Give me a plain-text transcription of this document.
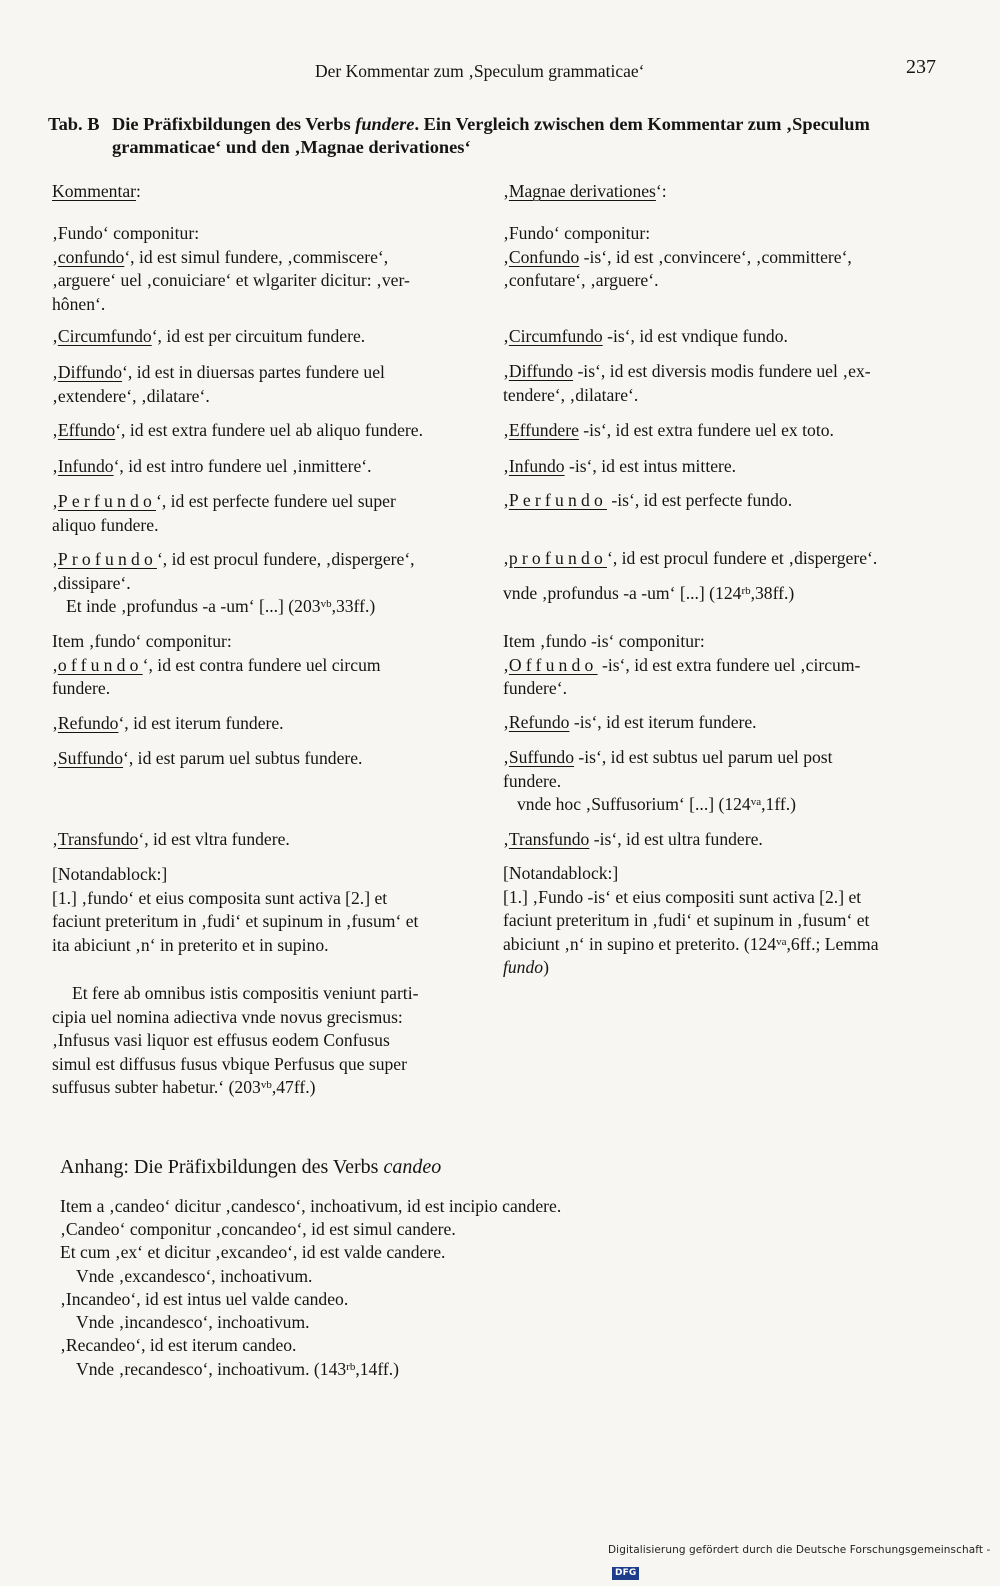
Der Kommentar zum ‚Speculum grammaticae‘	237
Tab. B Die Präfixbildungen des Verbs fundere. Ein Vergleich zwischen dem Kommentar zum ‚Speculum
grammaticae‘ und den ‚Magnae derivationes‘
Kommentar:	‚Magnae derivationes‘:
‚Fundo‘ componitur:
‚confundo‘, id est simul fundere, ‚commiscere‘,
‚arguere‘ uel ‚conuiciare‘ et wlgariter dicitur: ‚ver-
hônen‘.
‚Circumfundo‘, id est per circuitum fundere.
‚Diffundo‘, id est in diuersas partes fundere uel
‚extendere‘, ‚dilatare‘.
‚Effundo‘, id est extra fundere uel ab aliquo fundere.
‚Infundo‘, id est intro fundere uel ‚inmittere‘.
‚Perfundo‘, id est perfecte fundere uel super
aliquo fundere.
‚Profundo‘, id est procul fundere, ‚dispergere‘,
‚dissipare‘.
Et inde ‚profundus -a -um‘ [...] $(203^{vb},33ff.)$
Item ‚fundo‘ componitur:
‚offundo‘, id est contra fundere uel circum
fundere.
‚Refundo‘, id est iterum fundere.
‚Suffundo‘, id est parum uel subtus fundere.
‚Transfundo‘, id est vltra fundere.
[Notandablock:]
[1.] ‚fundo‘ et eius composita sunt activa [2.] et
faciunt preteritum in ‚fudi‘ et supinum in ‚fusum‘ et
ita abiciunt ‚n‘ in preterito et in supino.
Et fere ab omnibus istis compositis veniunt parti-
cipia uel nomina adiectiva vnde novus grecismus:
‚Infusus vasi liquor est effusus eodem Confusus
simul est diffusus fusus vbique Perfusus que super
suffusus subter habetur.‘ $(203^{vb},47ff.)$
‚Fundo‘ componitur:
‚Confundo -is‘, id est ‚convincere‘, ‚committere‘,
‚confutare‘, ‚arguere‘.
‚Circumfundo -is‘, id est vndique fundo.
‚Diffundo -is‘, id est diversis modis fundere uel ‚ex-
tendere‘, ‚dilatare‘.
‚Effundere -is‘, id est extra fundere uel ex toto.
‚Infundo -is‘, id est intus mittere.
‚Perfundo -is‘, id est perfecte fundo.
‚profundo‘, id est procul fundere et ‚dispergere‘.
vnde ‚profundus -a -um‘ [...] $(124^{rb},38ff.)$
Item ‚fundo -is‘ componitur:
‚Offundo -is‘, id est extra fundere uel ‚circum-
fundere‘.
‚Refundo -is‘, id est iterum fundere.
‚Suffundo -is‘, id est subtus uel parum uel post
fundere.
vnde hoc ‚Suffusorium‘ [...] $(124^{va},1ff.)$
‚Transfundo -is‘, id est ultra fundere.
[Notandablock:]
[1.] ‚Fundo -is‘ et eius compositi sunt activa [2.] et
faciunt preteritum in ‚fudi‘ et supinum in ‚fusum‘ et
abiciunt ‚n‘ in supino et preterito. ($124^{va},6ff$.; Lemma
fundo)
Anhang: Die Präfixbildungen des Verbs candeo
Item a ‚candeo‘ dicitur ‚candesco‘, inchoativum, id est incipio candere.
‚Candeo‘ componitur ‚concandeo‘, id est simul candere.
Et cum ‚ex‘ et dicitur ‚excandeo‘, id est valde candere.
Vnde ‚excandesco‘, inchoativum.
‚Incandeo‘, id est intus uel valde candeo.
Vnde ‚incandesco‘, inchoativum.
‚Recandeo‘, id est iterum candeo.
Vnde ‚recandesco‘, inchoativum. $(143^{rb},14ff.)$
Digitalisierung gefördert durch die Deutsche Forschungsgemeinschaft -DFG
